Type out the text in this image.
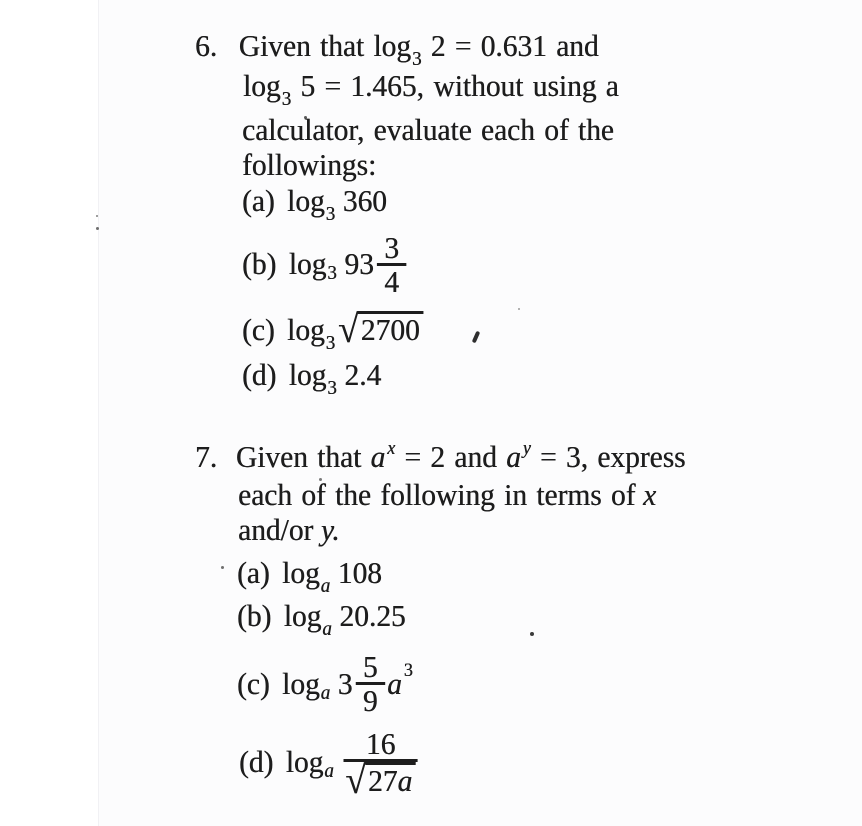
6. Given that $\log_3 2 = 0.631$ and
$\log_3 5 = 1.465$, without using a
calculator, evaluate each of the
followings:
(a) $\log_3 360$
(b) log 3 $93 \frac{3}{4}$
(c) $\log_3$ √ 2700
(d) $\log_3 2.4$
7. Given that a $^x$ = 2 and $a^y = 3$, express
each of the following in terms of x
and/or y.
(a) $\log_a 108$
(b) $\log_a 20.25$
(c) log a $3 \frac{5}{9}$ a 3
(d) log a $\frac{16}{√ 27a}$
